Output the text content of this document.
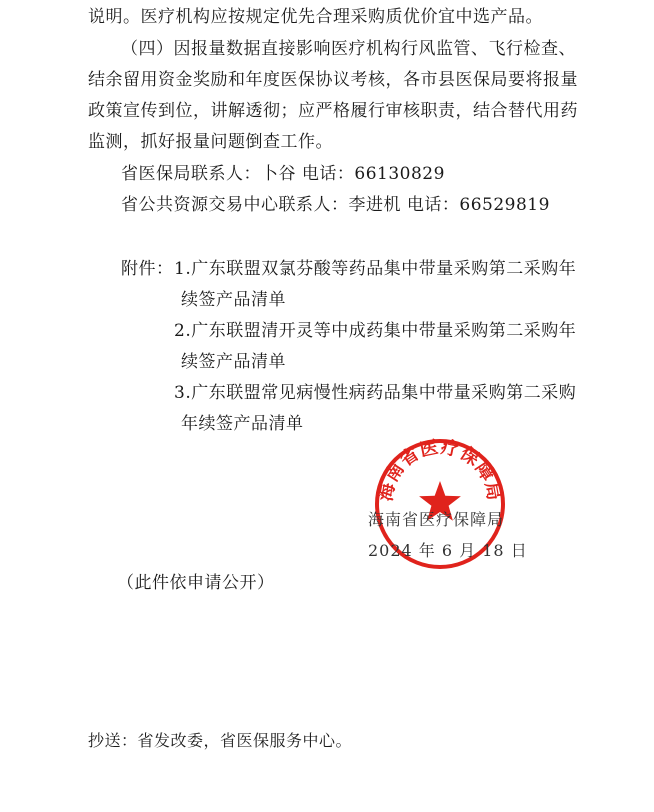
说明。医疗机构应按规定优先合理采购质优价宜中选产品。
（四）因报量数据直接影响医疗机构行风监管、飞行检查、
结余留用资金奖励和年度医保协议考核，各市县医保局要将报量
政策宣传到位，讲解透彻；应严格履行审核职责，结合替代用药
监测，抓好报量问题倒查工作。
省医保局联系人：卜谷 电话：66130829
省公共资源交易中心联系人：李进机 电话：66529819
附件： 1.广东联盟双氯芬酸等药品集中带量采购第二采购年
续签产品清单
2.广东联盟清开灵等中成药集中带量采购第二采购年
续签产品清单
3.广东联盟常见病慢性病药品集中带量采购第二采购
年续签产品清单
海南省医疗保障局
海南省医疗保障局
2024 年 6 月 18 日
（此件依申请公开）
抄送：省发改委，省医保服务中心。
